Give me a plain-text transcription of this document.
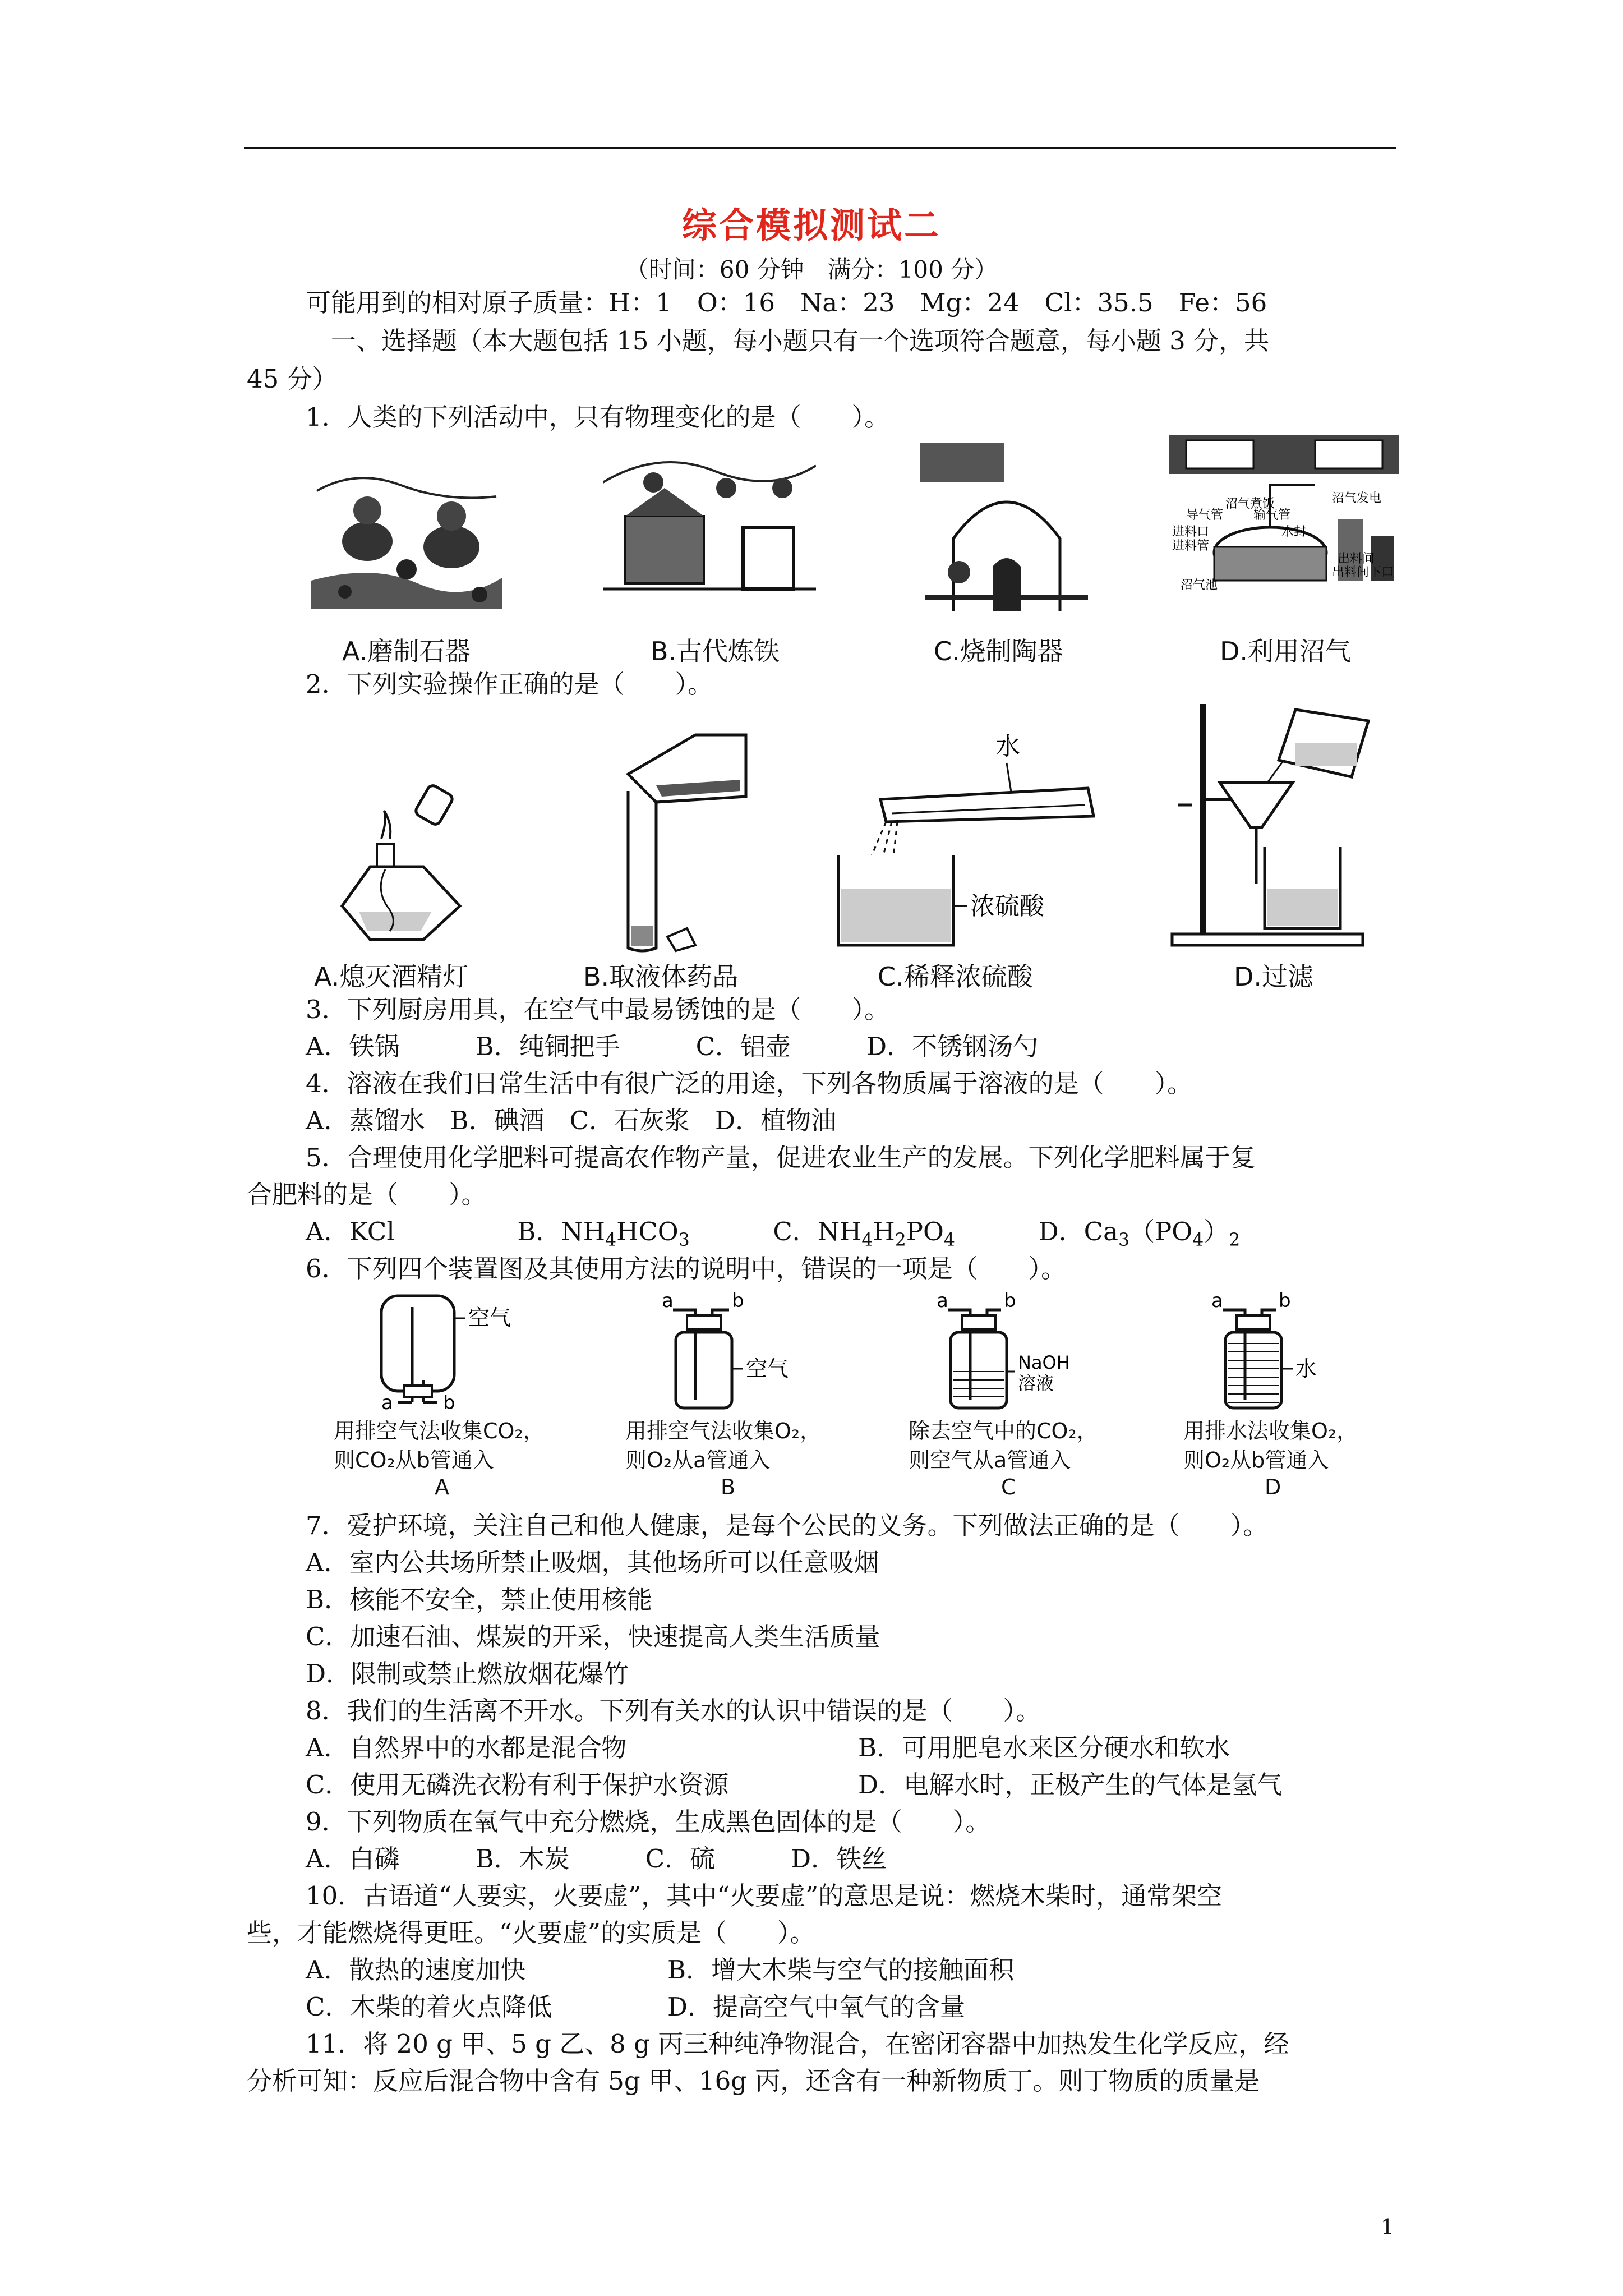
综合模拟测试二
（时间：60 分钟　满分：100 分）
可能用到的相对原子质量：H：1　O：16　Na：23　Mg：24　Cl：35.5　Fe：56
一、选择题（本大题包括 15 小题，每小题只有一个选项符合题意，每小题 3 分，共
45 分）
1．人类的下列活动中，只有物理变化的是（　　）。
沼气发电
沼气煮饭
导气管 输气管
水封
进料口
进料管
沼气池
出料间
出料间下口
A.磨制石器	B.古代炼铁	C.烧制陶器	D.利用沼气
2．下列实验操作正确的是（　　）。
水
浓硫酸
A.熄灭酒精灯	B.取液体药品	C.稀释浓硫酸	D.过滤
3．下列厨房用具，在空气中最易锈蚀的是（　　）。
A．铁锅　　　B．纯铜把手　　　C．铝壶　　　D．不锈钢汤勺
4．溶液在我们日常生活中有很广泛的用途，下列各物质属于溶液的是（　　）。
A．蒸馏水　B．碘酒　C．石灰浆　D．植物油
5．合理使用化学肥料可提高农作物产量，促进农业生产的发展。下列化学肥料属于复
合肥料的是（　　）。
A．KCl	B．$NH_4HCO_3$	C．$NH_4H_2PO_4$	D．$Ca_3(PO_4)_2$
6．下列四个装置图及其使用方法的说明中，错误的一项是（　　）。
空气
a	b
a	b
空气
a	b
NaOH
溶液
a	b
水
用排空气法收集CO₂，
则CO₂从b管通入
用排空气法收集O₂，
则O₂从a管通入
除去空气中的CO₂，
则空气从a管通入
用排水法收集O₂，
则O₂从b管通入
A	B	C	D
7．爱护环境，关注自己和他人健康，是每个公民的义务。下列做法正确的是（　　）。
A．室内公共场所禁止吸烟，其他场所可以任意吸烟
B．核能不安全，禁止使用核能
C．加速石油、煤炭的开采，快速提高人类生活质量
D．限制或禁止燃放烟花爆竹
8．我们的生活离不开水。下列有关水的认识中错误的是（　　）。
A．自然界中的水都是混合物	B．可用肥皂水来区分硬水和软水
C．使用无磷洗衣粉有利于保护水资源	D．电解水时，正极产生的气体是氢气
9．下列物质在氧气中充分燃烧，生成黑色固体的是（　　）。
A．白磷　　　B．木炭　　　C．硫　　　D．铁丝
10．古语道“人要实，火要虚”，其中“火要虚”的意思是说：燃烧木柴时，通常架空
些，才能燃烧得更旺。“火要虚”的实质是（　　）。
A．散热的速度加快	B．增大木柴与空气的接触面积
C．木柴的着火点降低	D．提高空气中氧气的含量
11．将 20 g 甲、5 g 乙、8 g 丙三种纯净物混合，在密闭容器中加热发生化学反应，经
分析可知：反应后混合物中含有 5g 甲、16g 丙，还含有一种新物质丁。则丁物质的质量是
1
